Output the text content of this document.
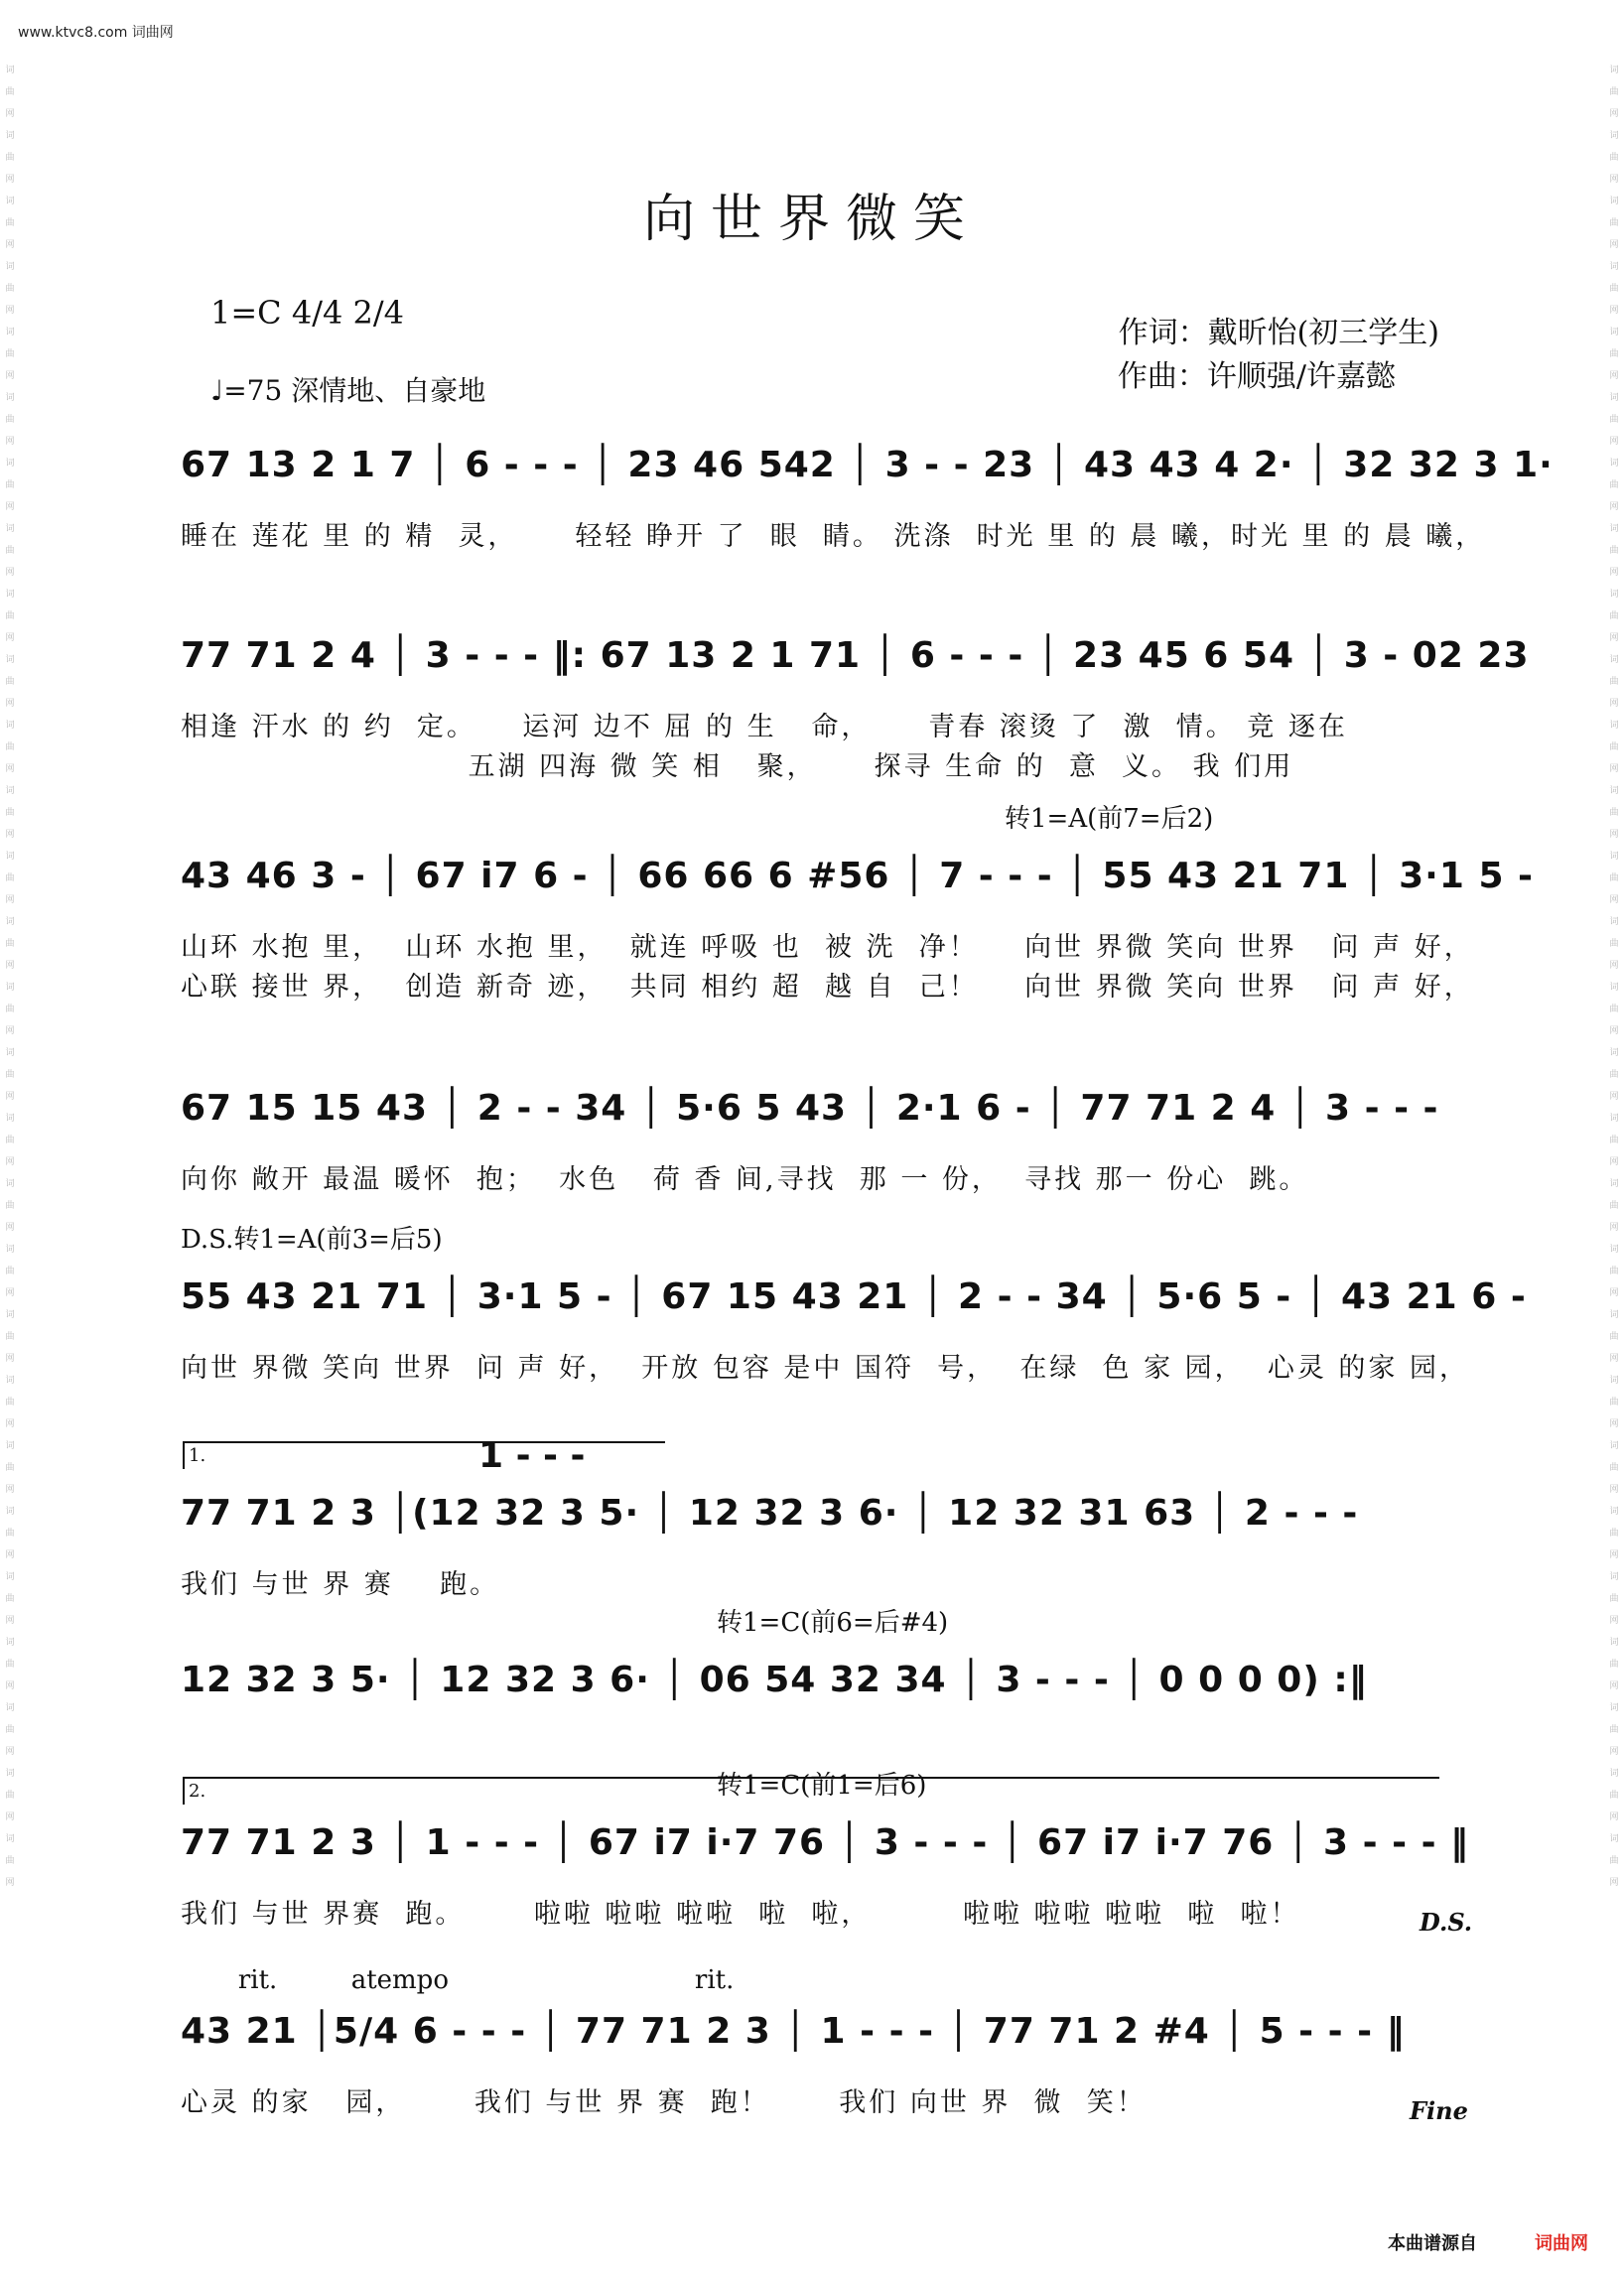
www.ktvc8.com 词曲网
词曲网词曲网词曲网词曲网词曲网词曲网词曲网词曲网词曲网词曲网词曲网词曲网词曲网词曲网词曲网词曲网词曲网词曲网词曲网词曲网词曲网词曲网词曲网词曲网词曲网词曲网词曲网词曲网
词曲网词曲网词曲网词曲网词曲网词曲网词曲网词曲网词曲网词曲网词曲网词曲网词曲网词曲网词曲网词曲网词曲网词曲网词曲网词曲网词曲网词曲网词曲网词曲网词曲网词曲网词曲网词曲网
向世界微笑
1=C 4/4 2/4
♩=75 深情地、自豪地
作词：戴昕怡(初三学生)
作曲：许顺强/许嘉懿
67 13 2 1 7 │ 6 - - - │ 23 46 542 │ 3 - - 23 │ 43 43 4 2· │ 32 32 3 1·
睡在 莲花 里 的 精  灵，     轻轻 睁开 了  眼  睛。 洗涤  时光 里 的 晨 曦，时光 里 的 晨 曦，
77 71 2 4 │ 3 - - - ‖: 67 13 2 1 71 │ 6 - - - │ 23 45 6 54 │ 3 - 02 23
相逢 汗水 的 约  定。    运河 边不 屈 的 生   命，     青春 滚烫 了  激  情。 竞 逐在
五湖 四海 微 笑 相   聚，     探寻 生命 的  意  义。 我 们用
转1=A(前7=后2)
43 46 3 - │ 67 i7 6 - │ 66 66 6 #56 │ 7 - - - │ 55 43 21 71 │ 3·1 5 -
山环 水抱 里，  山环 水抱 里，  就连 呼吸 也  被 洗  净！    向世 界微 笑向 世界   问 声 好，
心联 接世 界，  创造 新奇 迹，  共同 相约 超  越 自  己！    向世 界微 笑向 世界   问 声 好，
67 15 15 43 │ 2 - - 34 │ 5·6 5 43 │ 2·1 6 - │ 77 71 2 4 │ 3 - - -
向你 敞开 最温 暖怀  抱；  水色   荷 香 间,寻找  那 一 份，  寻找 那一 份心  跳。
D.S.转1=A(前3=后5)
55 43 21 71 │ 3·1 5 - │ 67 15 43 21 │ 2 - - 34 │ 5·6 5 - │ 43 21 6 -
向世 界微 笑向 世界  问 声 好，  开放 包容 是中 国符  号，  在绿  色 家 园，  心灵 的家 园，
1 - - -
77 71 2 3 │(12 32 3 5· │ 12 32 3 6· │ 12 32 31 63 │ 2 - - -
我们 与世 界 赛    跑。
转1=C(前6=后#4)
12 32 3 5· │ 12 32 3 6· │ 06 54 32 34 │ 3 - - - │ 0 0 0 0) :‖
转1=C(前1=后6)
77 71 2 3 │ 1 - - - │ 67 i7 i·7 76 │ 3 - - - │ 67 i7 i·7 76 │ 3 - - - ‖
我们 与世 界赛  跑。      啦啦 啦啦 啦啦  啦  啦，        啦啦 啦啦 啦啦  啦  啦！
rit.         atempo                              rit.
43 21 │5/4 6 - - - │ 77 71 2 3 │ 1 - - - │ 77 71 2 #4 │ 5 - - - ‖
心灵 的家   园，      我们 与世 界 赛  跑！      我们 向世 界  微  笑！
1.
2.
D.S.
Fine
本曲谱源自	词曲网
